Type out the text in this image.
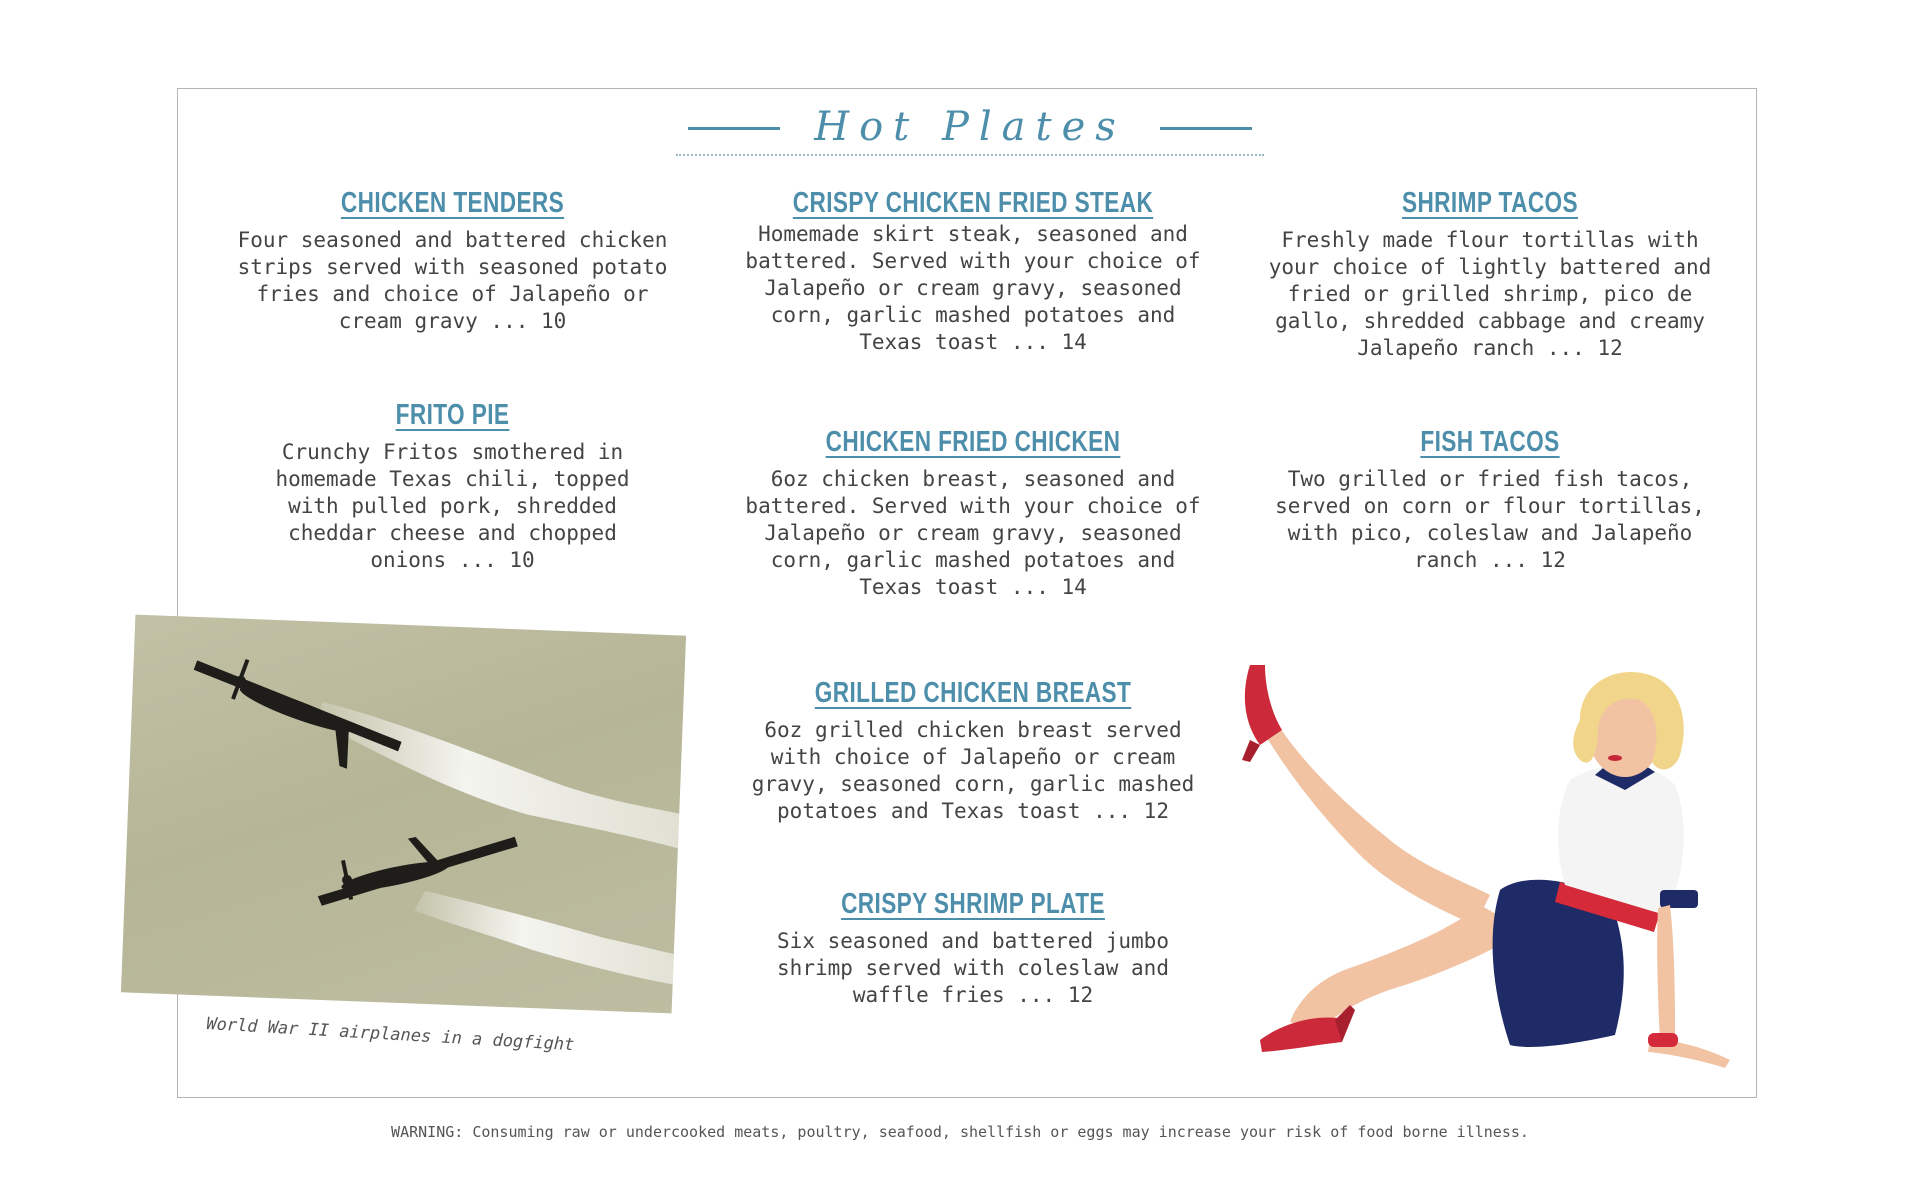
Hot Plates
CHICKEN TENDERS
Four seasoned and battered chicken strips served with seasoned potato fries and choice of Jalapeño or cream gravy ... 10
FRITO PIE
Crunchy Fritos smothered in homemade Texas chili, topped with pulled pork, shredded cheddar cheese and chopped onions ... 10
CRISPY CHICKEN FRIED STEAK
Homemade skirt steak, seasoned and battered. Served with your choice of Jalapeño or cream gravy, seasoned corn, garlic mashed potatoes and Texas toast ... 14
CHICKEN FRIED CHICKEN
6oz chicken breast, seasoned and battered. Served with your choice of Jalapeño or cream gravy, seasoned corn, garlic mashed potatoes and Texas toast ... 14
GRILLED CHICKEN BREAST
6oz grilled chicken breast served with choice of Jalapeño or cream gravy, seasoned corn, garlic mashed potatoes and Texas toast ... 12
CRISPY SHRIMP PLATE
Six seasoned and battered jumbo shrimp served with coleslaw and waffle fries ... 12
SHRIMP TACOS
Freshly made flour tortillas with your choice of lightly battered and fried or grilled shrimp, pico de gallo, shredded cabbage and creamy Jalapeño ranch ... 12
FISH TACOS
Two grilled or fried fish tacos, served on corn or flour tortillas, with pico, coleslaw and Jalapeño ranch ... 12
World War II airplanes in a dogfight
WARNING: Consuming raw or undercooked meats, poultry, seafood, shellfish or eggs may increase your risk of food borne illness.
